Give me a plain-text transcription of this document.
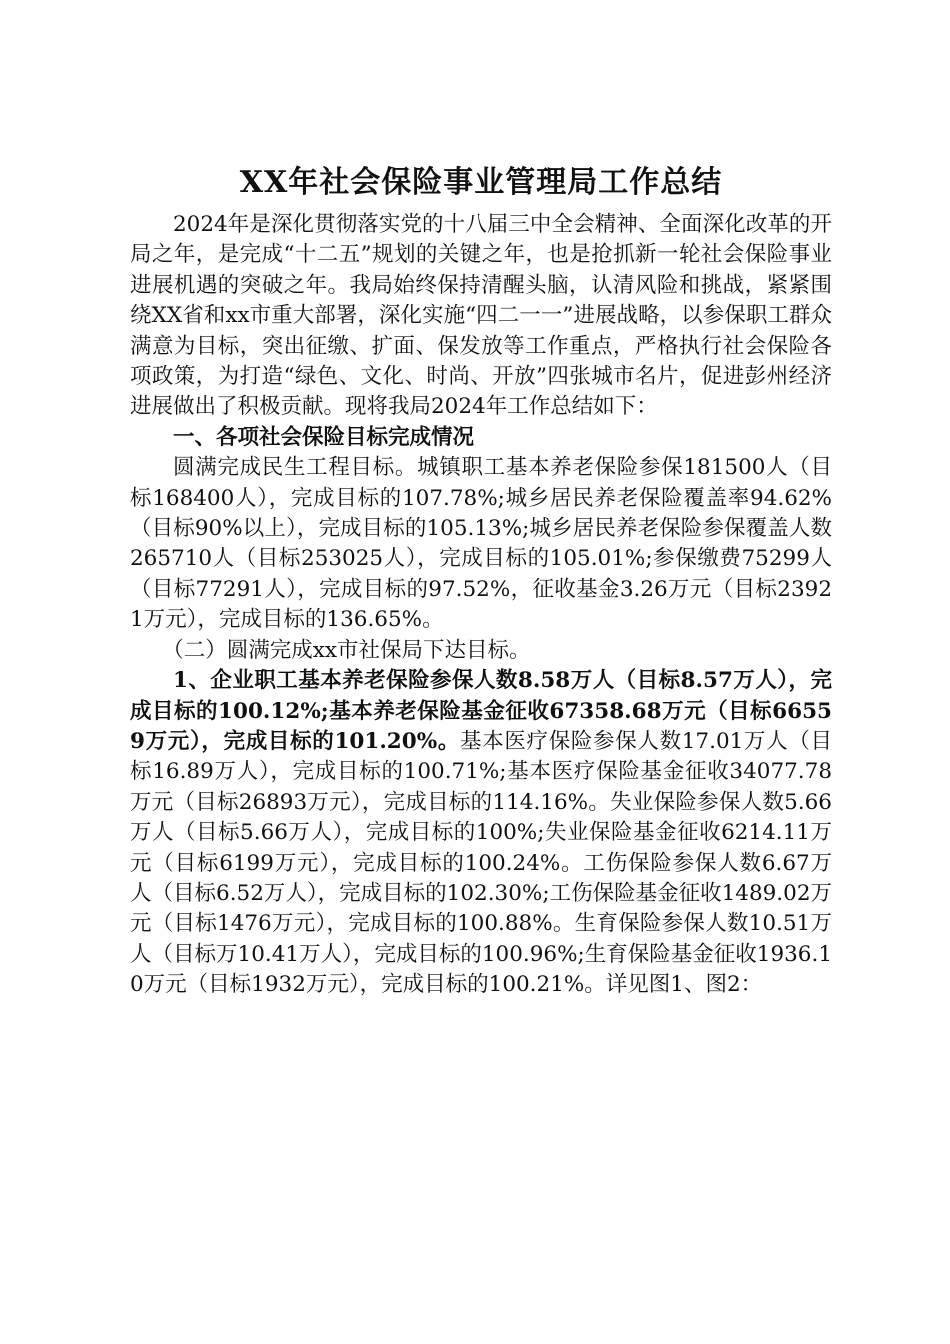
XX年社会保险事业管理局工作总结

2024年是深化贯彻落实党的十八届三中全会精神、全面深化改革的开局之年，是完成“十二五”规划的关键之年，也是抢抓新一轮社会保险事业进展机遇的突破之年。我局始终保持清醒头脑，认清风险和挑战，紧紧围绕XX省和xx市重大部署，深化实施“四二一一”进展战略，以参保职工群众满意为目标，突出征缴、扩面、保发放等工作重点，严格执行社会保险各项政策，为打造“绿色、文化、时尚、开放”四张城市名片，促进彭州经济进展做出了积极贡献。现将我局2024年工作总结如下：

一、各项社会保险目标完成情况

圆满完成民生工程目标。城镇职工基本养老保险参保181500人（目标168400人），完成目标的107.78%;城乡居民养老保险覆盖率94.62%（目标90%以上），完成目标的105.13%;城乡居民养老保险参保覆盖人数265710人（目标253025人），完成目标的105.01%;参保缴费75299人（目标77291人），完成目标的97.52%，征收基金3.26万元（目标23921万元），完成目标的136.65%。

（二）圆满完成xx市社保局下达目标。

1、企业职工基本养老保险参保人数8.58万人（目标8.57万人），完成目标的100.12%;基本养老保险基金征收67358.68万元（目标66559万元），完成目标的101.20%。基本医疗保险参保人数17.01万人（目标16.89万人），完成目标的100.71%;基本医疗保险基金征收34077.78万元（目标26893万元），完成目标的114.16%。失业保险参保人数5.66万人（目标5.66万人），完成目标的100%;失业保险基金征收6214.11万元（目标6199万元），完成目标的100.24%。工伤保险参保人数6.67万人（目标6.52万人），完成目标的102.30%;工伤保险基金征收1489.02万元（目标1476万元），完成目标的100.88%。生育保险参保人数10.51万人（目标万10.41万人），完成目标的100.96%;生育保险基金征收1936.10万元（目标1932万元），完成目标的100.21%。详见图1、图2：
